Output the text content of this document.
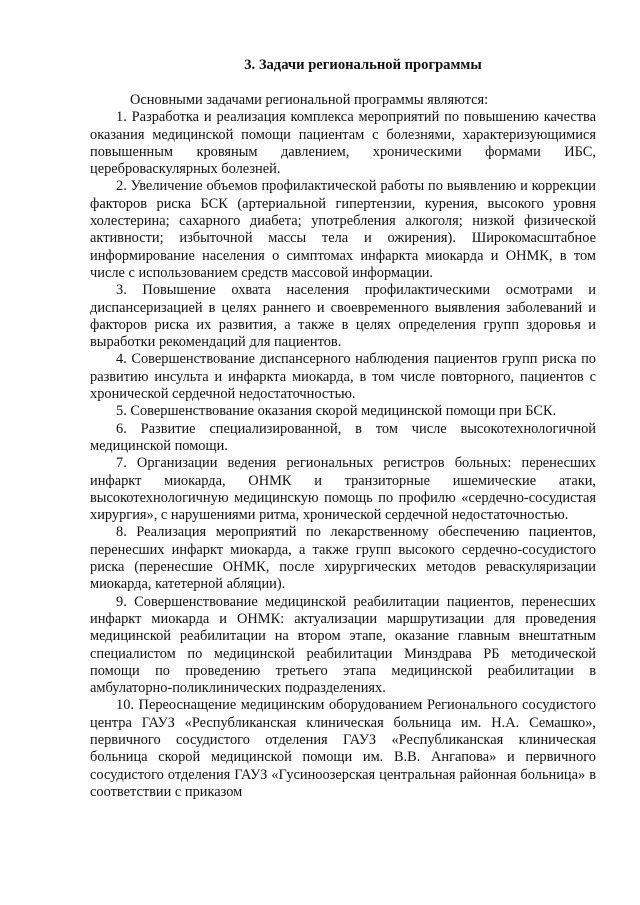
3. Задачи региональной программы

Основными задачами региональной программы являются:

1. Разработка и реализация комплекса мероприятий по повышению качества оказания медицинской помощи пациентам с болезнями, характеризующимися повышенным кровяным давлением, хроническими формами ИБС, цереброваскулярных болезней.

2. Увеличение объемов профилактической работы по выявлению и коррекции факторов риска БСК (артериальной гипертензии, курения, высокого уровня холестерина; сахарного диабета; употребления алкоголя; низкой физической активности; избыточной массы тела и ожирения). Широкомасштабное информирование населения о симптомах инфаркта миокарда и ОНМК, в том числе с использованием средств массовой информации.

3. Повышение охвата населения профилактическими осмотрами и диспансеризацией в целях раннего и своевременного выявления заболеваний и факторов риска их развития, а также в целях определения групп здоровья и выработки рекомендаций для пациентов.

4. Совершенствование диспансерного наблюдения пациентов групп риска по развитию инсульта и инфаркта миокарда, в том числе повторного, пациентов с хронической сердечной недостаточностью.

5. Совершенствование оказания скорой медицинской помощи при БСК.

6. Развитие специализированной, в том числе высокотехнологичной медицинской помощи.

7. Организации ведения региональных регистров больных: перенесших инфаркт миокарда, ОНМК и транзиторные ишемические атаки, высокотехнологичную медицинскую помощь по профилю «сердечно-сосудистая хирургия», с нарушениями ритма, хронической сердечной недостаточностью.

8. Реализация мероприятий по лекарственному обеспечению пациентов, перенесших инфаркт миокарда, а также групп высокого сердечно-сосудистого риска (перенесшие ОНМК, после хирургических методов реваскуляризации миокарда, катетерной абляции).

9. Совершенствование медицинской реабилитации пациентов, перенесших инфаркт миокарда и ОНМК: актуализации маршрутизации для проведения медицинской реабилитации на втором этапе, оказание главным внештатным специалистом по медицинской реабилитации Минздрава РБ методической помощи по проведению третьего этапа медицинской реабилитации в амбулаторно-поликлинических подразделениях.

10. Переоснащение медицинским оборудованием Регионального сосудистого центра ГАУЗ «Республиканская клиническая больница им. Н.А. Семашко», первичного сосудистого отделения ГАУЗ «Республиканская клиническая больница скорой медицинской помощи им. В.В. Ангапова» и первичного сосудистого отделения ГАУЗ «Гусиноозерская центральная районная больница» в соответствии с приказом
